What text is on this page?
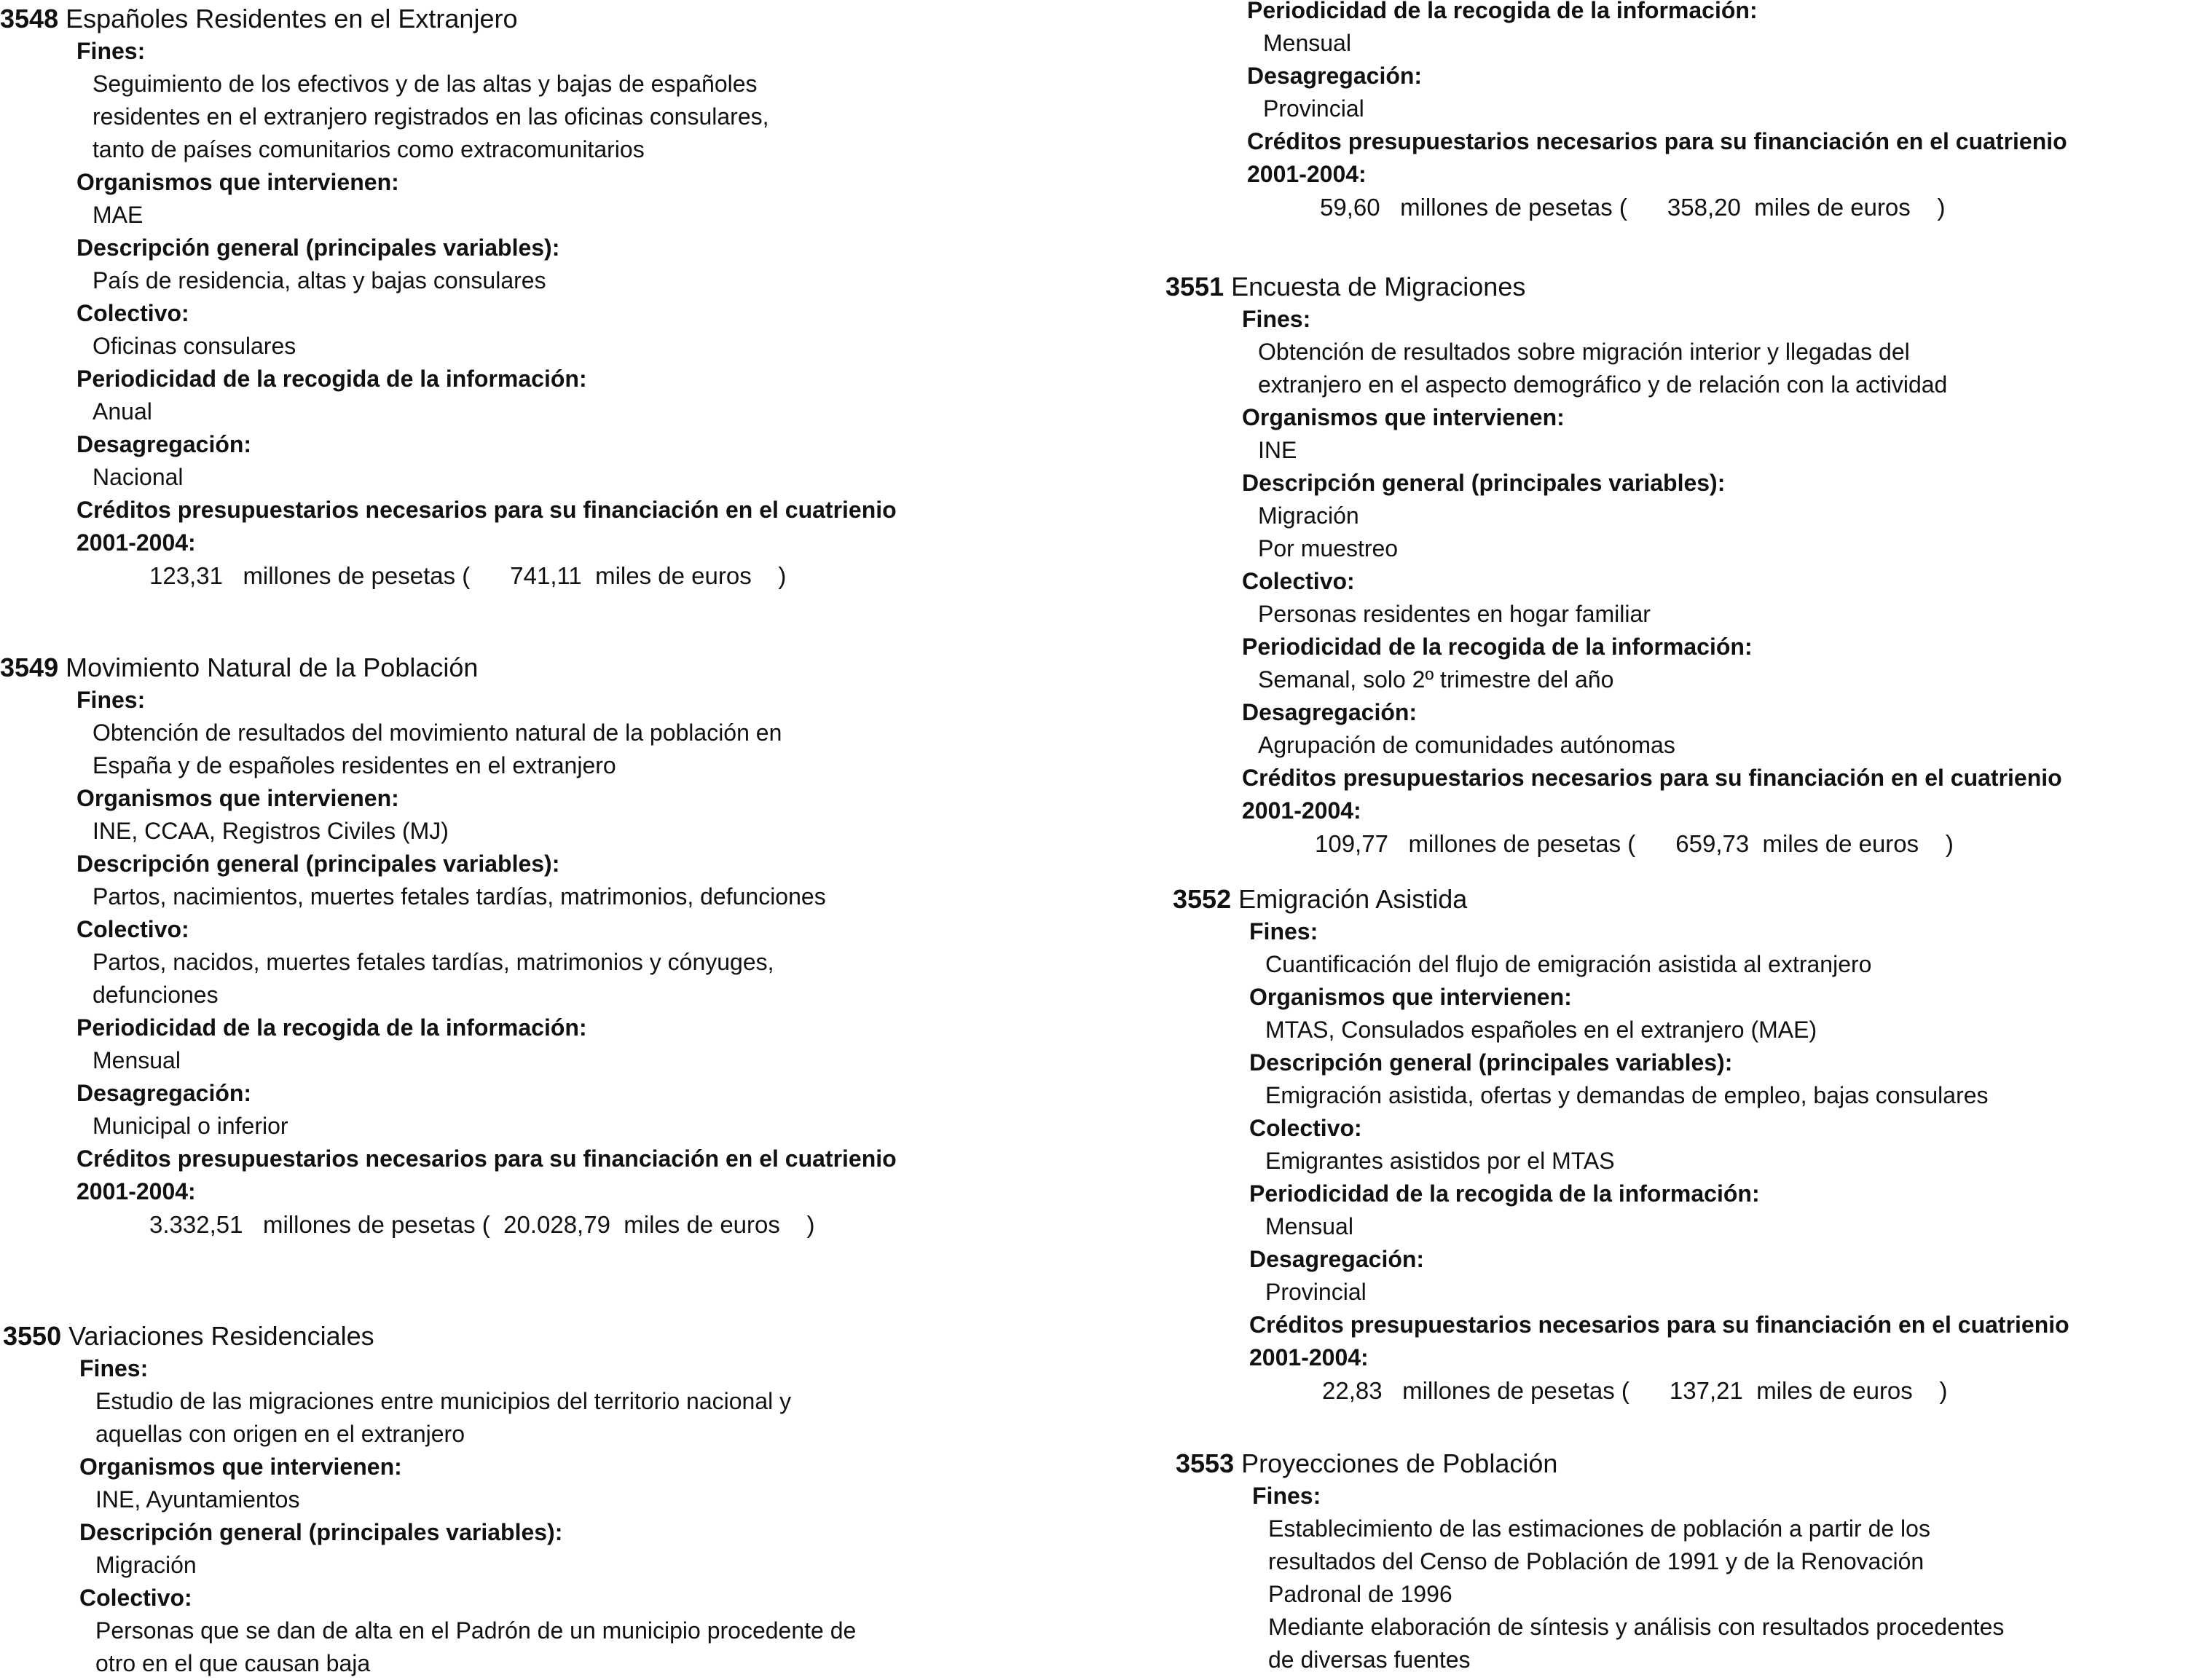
3548 Españoles Residentes en el Extranjero
Fines:
Seguimiento de los efectivos y de las altas y bajas de españoles
residentes en el extranjero registrados en las oficinas consulares,
tanto de países comunitarios como extracomunitarios
Organismos que intervienen:
MAE
Descripción general (principales variables):
País de residencia, altas y bajas consulares
Colectivo:
Oficinas consulares
Periodicidad de la recogida de la información:
Anual
Desagregación:
Nacional
Créditos presupuestarios necesarios para su financiación en el cuatrienio
2001-2004:
123,31   millones de pesetas (      741,11  miles de euros    )
3549 Movimiento Natural de la Población
Fines:
Obtención de resultados del movimiento natural de la población en
España y de españoles residentes en el extranjero
Organismos que intervienen:
INE, CCAA, Registros Civiles (MJ)
Descripción general (principales variables):
Partos, nacimientos, muertes fetales tardías, matrimonios, defunciones
Colectivo:
Partos, nacidos, muertes fetales tardías, matrimonios y cónyuges,
defunciones
Periodicidad de la recogida de la información:
Mensual
Desagregación:
Municipal o inferior
Créditos presupuestarios necesarios para su financiación en el cuatrienio
2001-2004:
3.332,51   millones de pesetas (  20.028,79  miles de euros    )
3550 Variaciones Residenciales
Fines:
Estudio de las migraciones entre municipios del territorio nacional y
aquellas con origen en el extranjero
Organismos que intervienen:
INE, Ayuntamientos
Descripción general (principales variables):
Migración
Colectivo:
Personas que se dan de alta en el Padrón de un municipio procedente de
otro en el que causan baja
Periodicidad de la recogida de la información:
Mensual
Desagregación:
Provincial
Créditos presupuestarios necesarios para su financiación en el cuatrienio
2001-2004:
59,60   millones de pesetas (      358,20  miles de euros    )
3551 Encuesta de Migraciones
Fines:
Obtención de resultados sobre migración interior y llegadas del
extranjero en el aspecto demográfico y de relación con la actividad
Organismos que intervienen:
INE
Descripción general (principales variables):
Migración
Por muestreo
Colectivo:
Personas residentes en hogar familiar
Periodicidad de la recogida de la información:
Semanal, solo 2º trimestre del año
Desagregación:
Agrupación de comunidades autónomas
Créditos presupuestarios necesarios para su financiación en el cuatrienio
2001-2004:
109,77   millones de pesetas (      659,73  miles de euros    )
3552 Emigración Asistida
Fines:
Cuantificación del flujo de emigración asistida al extranjero
Organismos que intervienen:
MTAS, Consulados españoles en el extranjero (MAE)
Descripción general (principales variables):
Emigración asistida, ofertas y demandas de empleo, bajas consulares
Colectivo:
Emigrantes asistidos por el MTAS
Periodicidad de la recogida de la información:
Mensual
Desagregación:
Provincial
Créditos presupuestarios necesarios para su financiación en el cuatrienio
2001-2004:
22,83   millones de pesetas (      137,21  miles de euros    )
3553 Proyecciones de Población
Fines:
Establecimiento de las estimaciones de población a partir de los
resultados del Censo de Población de 1991 y de la Renovación
Padronal de 1996
Mediante elaboración de síntesis y análisis con resultados procedentes
de diversas fuentes
